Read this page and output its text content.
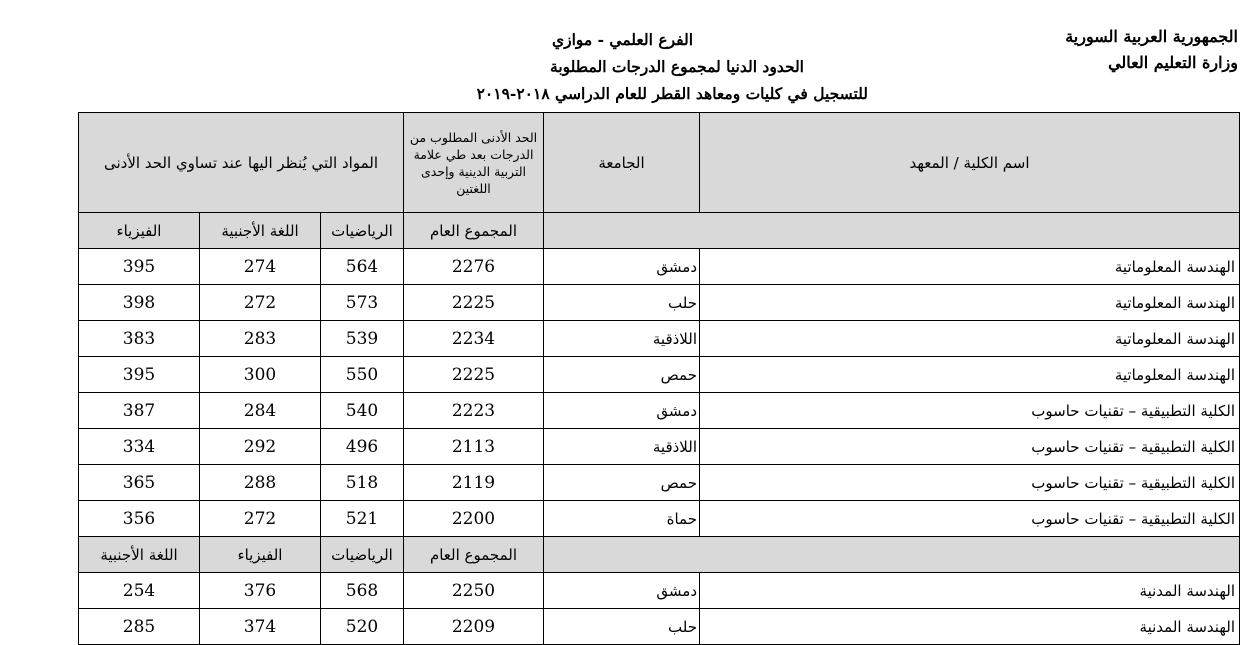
الجمهورية العربية السورية
وزارة التعليم العالي
الفرع العلمي - موازي
الحدود الدنيا لمجموع الدرجات المطلوبة
للتسجيل في كليات ومعاهد القطر للعام الدراسي ٢٠١٨-٢٠١٩
المواد التي يُنظر اليها عند تساوي الحد الأدنى			الحد الأدنى المطلوب من الدرجات بعد طي علامة التربية الدينية وإحدى اللغتين	الجامعة	اسم الكلية / المعهد
الفيزياء	اللغة الأجنبية	الرياضيات	المجموع العام		
395	274	564	2276	دمشق	الهندسة المعلوماتية
398	272	573	2225	حلب	الهندسة المعلوماتية
383	283	539	2234	اللاذقية	الهندسة المعلوماتية
395	300	550	2225	حمص	الهندسة المعلوماتية
387	284	540	2223	دمشق	الكلية التطبيقية – تقنيات حاسوب
334	292	496	2113	اللاذقية	الكلية التطبيقية – تقنيات حاسوب
365	288	518	2119	حمص	الكلية التطبيقية – تقنيات حاسوب
356	272	521	2200	حماة	الكلية التطبيقية – تقنيات حاسوب
اللغة الأجنبية	الفيزياء	الرياضيات	المجموع العام		
254	376	568	2250	دمشق	الهندسة المدنية
285	374	520	2209	حلب	الهندسة المدنية
